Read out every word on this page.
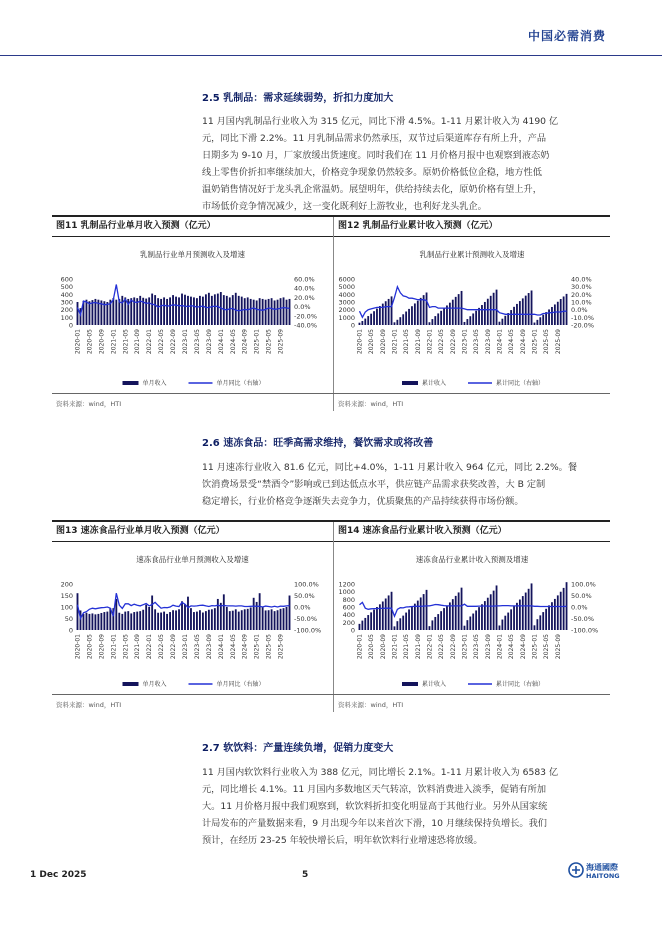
中国必需消费
2.5 乳制品：需求延续弱势，折扣力度加大
11 月国内乳制品行业收入为 315 亿元，同比下滑 4.5%。1-11 月累计收入为 4190 亿
元，同比下滑 2.2%。11 月乳制品需求仍然承压，双节过后渠道库存有所上升，产品
日期多为 9-10 月，厂家放缓出货速度。同时我们在 11 月价格月报中也观察到液态奶
线上零售价折扣率继续加大，价格竞争现象仍然较多。原奶价格低位企稳，地方性低
温奶销售情况好于龙头乳企常温奶。展望明年，供给持续去化，原奶价格有望上升，
市场低价竞争情况减少，这一变化既利好上游牧业，也利好龙头乳企。
图11 乳制品行业单月收入预测（亿元）
乳制品行业单月预测收入及增速
600
500
400
300
200
100
0
60.0%
40.0%
20.0%
0.0%
-20.0%
-40.0%
2020-01 2020-05 2020-09 2021-01 2021-05 2021-09 2022-01 2022-05 2022-09 2023-01 2023-05 2023-09 2024-01 2024-05 2024-09 2025-01 2025-05 2025-09
单月收入	单月同比（右轴）
资料来源：wind，HTI
图12 乳制品行业累计收入预测（亿元）
乳制品行业累计预测收入及增速
6000
5000
4000
3000
2000
1000
0
40.0%
30.0%
20.0%
10.0%
0.0%
-10.0%
-20.0%
2020-01 2020-05 2020-09 2021-01 2021-05 2021-09 2022-01 2022-05 2022-09 2023-01 2023-05 2023-09 2024-01 2024-05 2024-09 2025-01 2025-05 2025-09
累计收入	累计同比（右轴）
资料来源：wind，HTI
2.6 速冻食品：旺季高需求维持，餐饮需求或将改善
11 月速冻行业收入 81.6 亿元，同比+4.0%，1-11 月累计收入 964 亿元，同比 2.2%。餐
饮消费场景受“禁酒令”影响或已到达低点水平，供应链产品需求获奖改善，大 B 定制
稳定增长，行业价格竞争逐渐失去竞争力，优质聚焦的产品持续获得市场份额。
图13 速冻食品行业单月收入预测（亿元）
速冻食品行业单月预测收入及增速
200
150
100
50
0
100.0%
50.0%
0.0%
-50.0%
-100.0%
2020-01 2020-05 2020-09 2021-01 2021-05 2021-09 2022-01 2022-05 2022-09 2023-01 2023-05 2023-09 2024-01 2024-05 2024-09 2025-01 2025-05 2025-09
单月收入	单月同比（右轴）
资料来源：wind，HTI
图14 速冻食品行业累计收入预测（亿元）
速冻食品行业累计收入预测及增速
1200
1000
800
600
400
200
0
100.0%
50.0%
0.0%
-50.0%
-100.0%
2020-01 2020-05 2020-09 2021-01 2021-05 2021-09 2022-01 2022-05 2022-09 2023-01 2023-05 2023-09 2024-01 2024-05 2024-09 2025-01 2025-05 2025-09
累计收入	累计同比（右轴）
资料来源：wind，HTI
2.7 软饮料：产量连续负增，促销力度变大
11 月国内软饮料行业收入为 388 亿元，同比增长 2.1%。1-11 月累计收入为 6583 亿
元，同比增长 4.1%。11 月国内多数地区天气转凉，饮料消费进入淡季，促销有所加
大。11 月价格月报中我们观察到，软饮料折扣变化明显高于其他行业。另外从国家统
计局发布的产量数据来看，9 月出现今年以来首次下滑，10 月继续保持负增长。我们
预计，在经历 23-25 年较快增长后，明年软饮料行业增速恐将放缓。
1 Dec 2025	5
海通國際
HAITONG
